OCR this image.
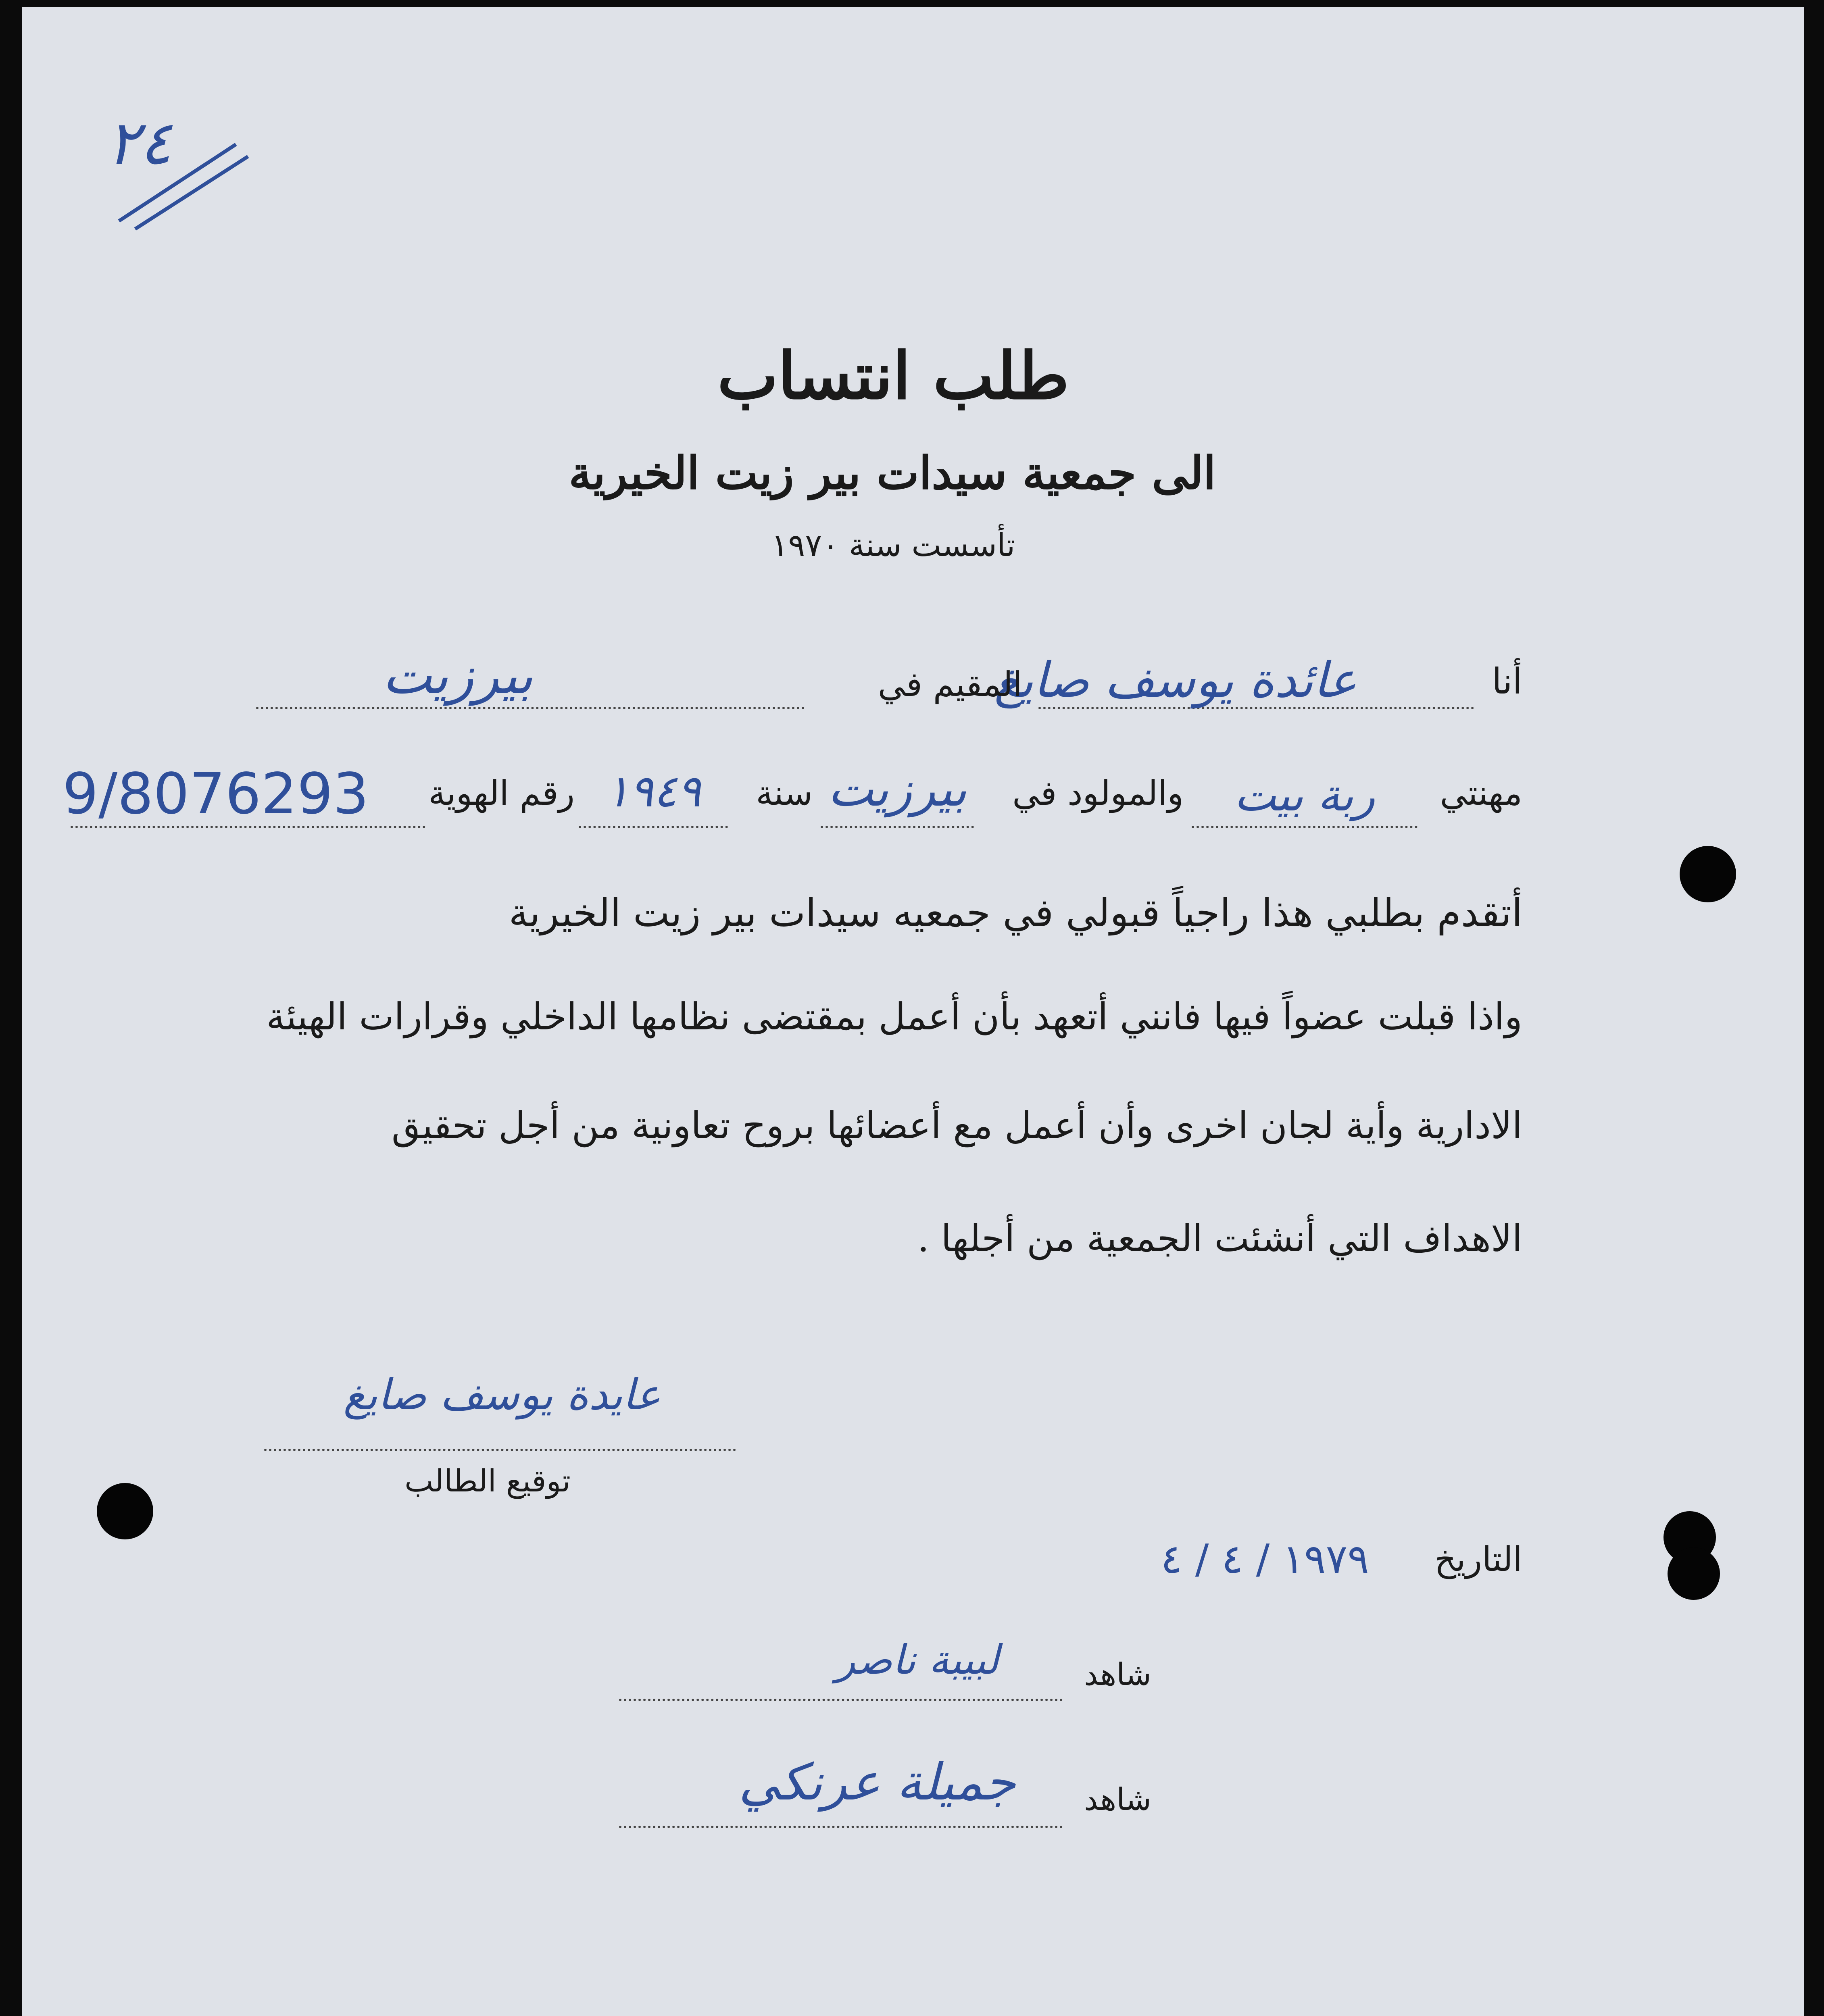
٢٤
طلب انتساب
الى جمعية سيدات بير زيت الخيرية
تأسست سنة ١٩٧٠
أنا
عائدة يوسف صايغ
المقيم في
بيرزيت
مهنتي
ربة بيت
والمولود في
بيرزيت
سنة
١٩٤٩
رقم الهوية
9/8076293
أتقدم بطلبي هذا راجياً قبولي في جمعيه سيدات بير زيت الخيرية
واذا قبلت عضواً فيها فانني أتعهد بأن أعمل بمقتضى نظامها الداخلي وقرارات الهيئة
الادارية وأية لجان اخرى وأن أعمل مع أعضائها بروح تعاونية من أجل تحقيق
الاهداف التي أنشئت الجمعية من أجلها .
عايدة يوسف صايغ
توقيع الطالب
التاريخ
١٩٧٩ / ٤ / ٤
شاهد
لبيبة ناصر
شاهد
جميلة عرنكي
